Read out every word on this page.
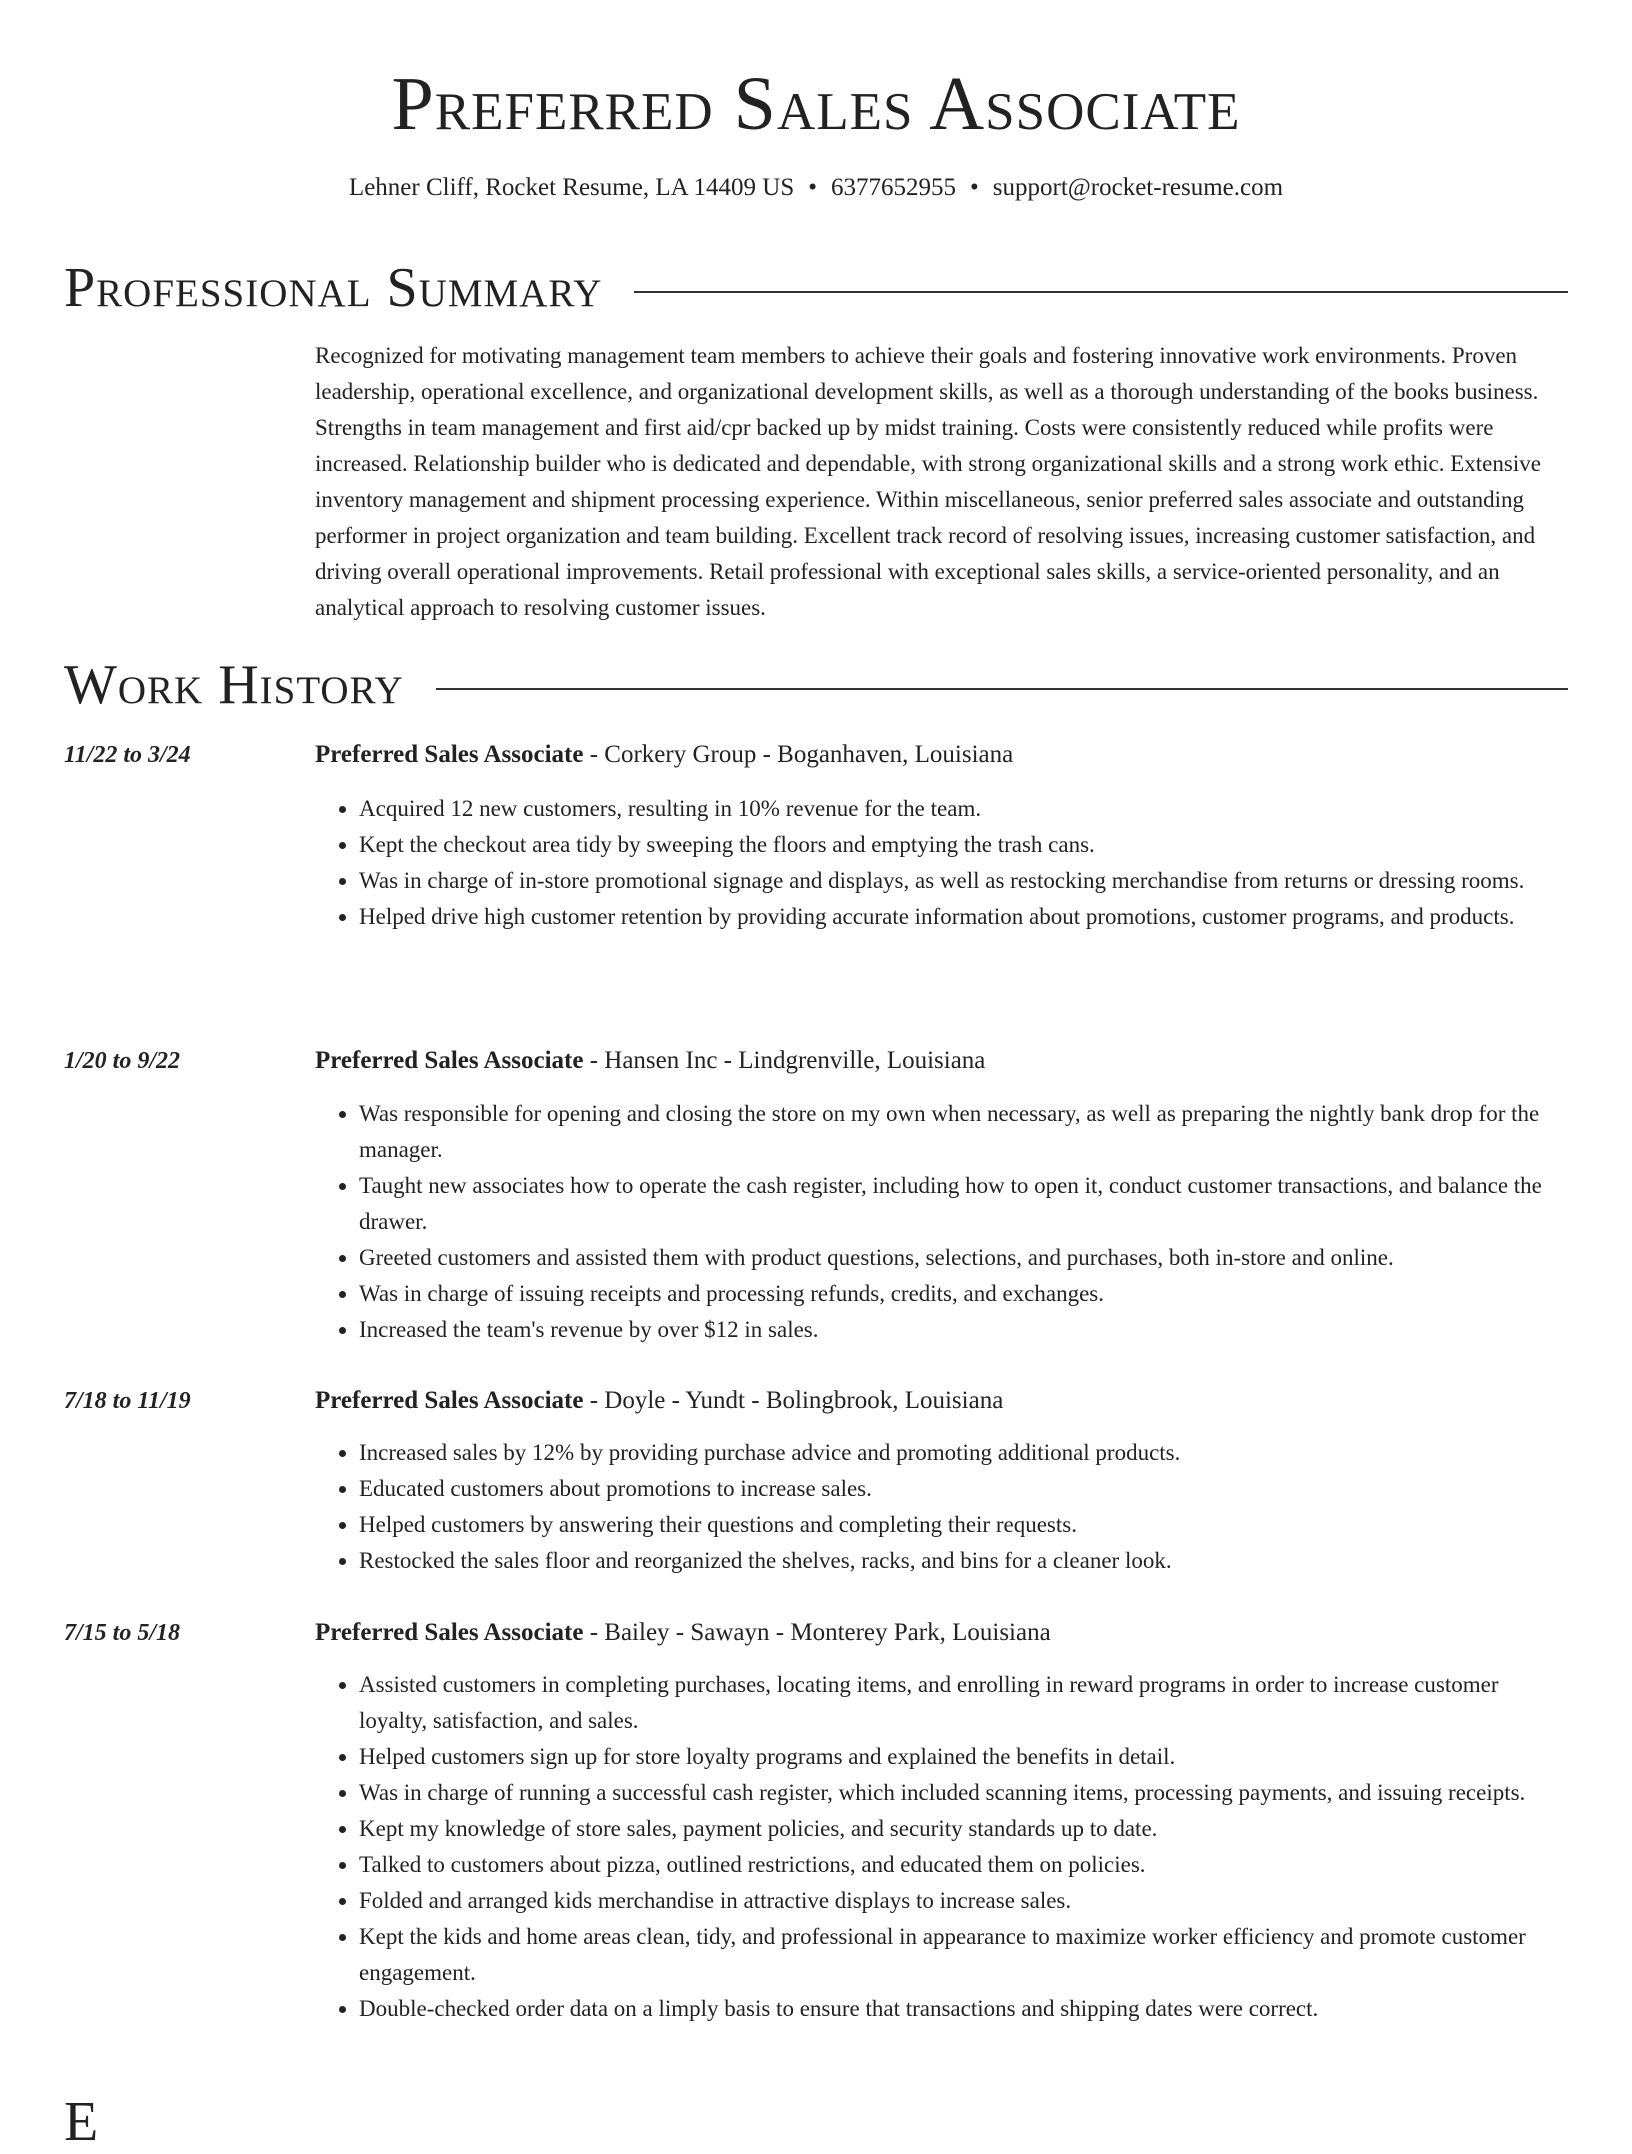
Preferred Sales Associate
Lehner Cliff, Rocket Resume, LA 14409 US • 6377652955 • support@rocket-resume.com
Professional Summary

Recognized for motivating management team members to achieve their goals and fostering innovative work environments. Proven leadership, operational excellence, and organizational development skills, as well as a thorough understanding of the books business. Strengths in team management and first aid/cpr backed up by midst training. Costs were consistently reduced while profits were increased. Relationship builder who is dedicated and dependable, with strong organizational skills and a strong work ethic. Extensive inventory management and shipment processing experience. Within miscellaneous, senior preferred sales associate and outstanding performer in project organization and team building. Excellent track record of resolving issues, increasing customer satisfaction, and driving overall operational improvements. Retail professional with exceptional sales skills, a service-oriented personality, and an analytical approach to resolving customer issues.

Work History
11/22 to 3/24	Preferred Sales Associate - Corkery Group - Boganhaven, Louisiana
• Acquired 12 new customers, resulting in 10% revenue for the team.
• Kept the checkout area tidy by sweeping the floors and emptying the trash cans.
• Was in charge of in-store promotional signage and displays, as well as restocking merchandise from returns or dressing rooms.
• Helped drive high customer retention by providing accurate information about promotions, customer programs, and products.
1/20 to 9/22	Preferred Sales Associate - Hansen Inc - Lindgrenville, Louisiana
• Was responsible for opening and closing the store on my own when necessary, as well as preparing the nightly bank drop for the manager.
• Taught new associates how to operate the cash register, including how to open it, conduct customer transactions, and balance the drawer.
• Greeted customers and assisted them with product questions, selections, and purchases, both in-store and online.
• Was in charge of issuing receipts and processing refunds, credits, and exchanges.
• Increased the team's revenue by over $12 in sales.
7/18 to 11/19	Preferred Sales Associate - Doyle - Yundt - Bolingbrook, Louisiana
• Increased sales by 12% by providing purchase advice and promoting additional products.
• Educated customers about promotions to increase sales.
• Helped customers by answering their questions and completing their requests.
• Restocked the sales floor and reorganized the shelves, racks, and bins for a cleaner look.
7/15 to 5/18	Preferred Sales Associate - Bailey - Sawayn - Monterey Park, Louisiana
• Assisted customers in completing purchases, locating items, and enrolling in reward programs in order to increase customer loyalty, satisfaction, and sales.
• Helped customers sign up for store loyalty programs and explained the benefits in detail.
• Was in charge of running a successful cash register, which included scanning items, processing payments, and issuing receipts.
• Kept my knowledge of store sales, payment policies, and security standards up to date.
• Talked to customers about pizza, outlined restrictions, and educated them on policies.
• Folded and arranged kids merchandise in attractive displays to increase sales.
• Kept the kids and home areas clean, tidy, and professional in appearance to maximize worker efficiency and promote customer engagement.
• Double-checked order data on a limply basis to ensure that transactions and shipping dates were correct.
E
